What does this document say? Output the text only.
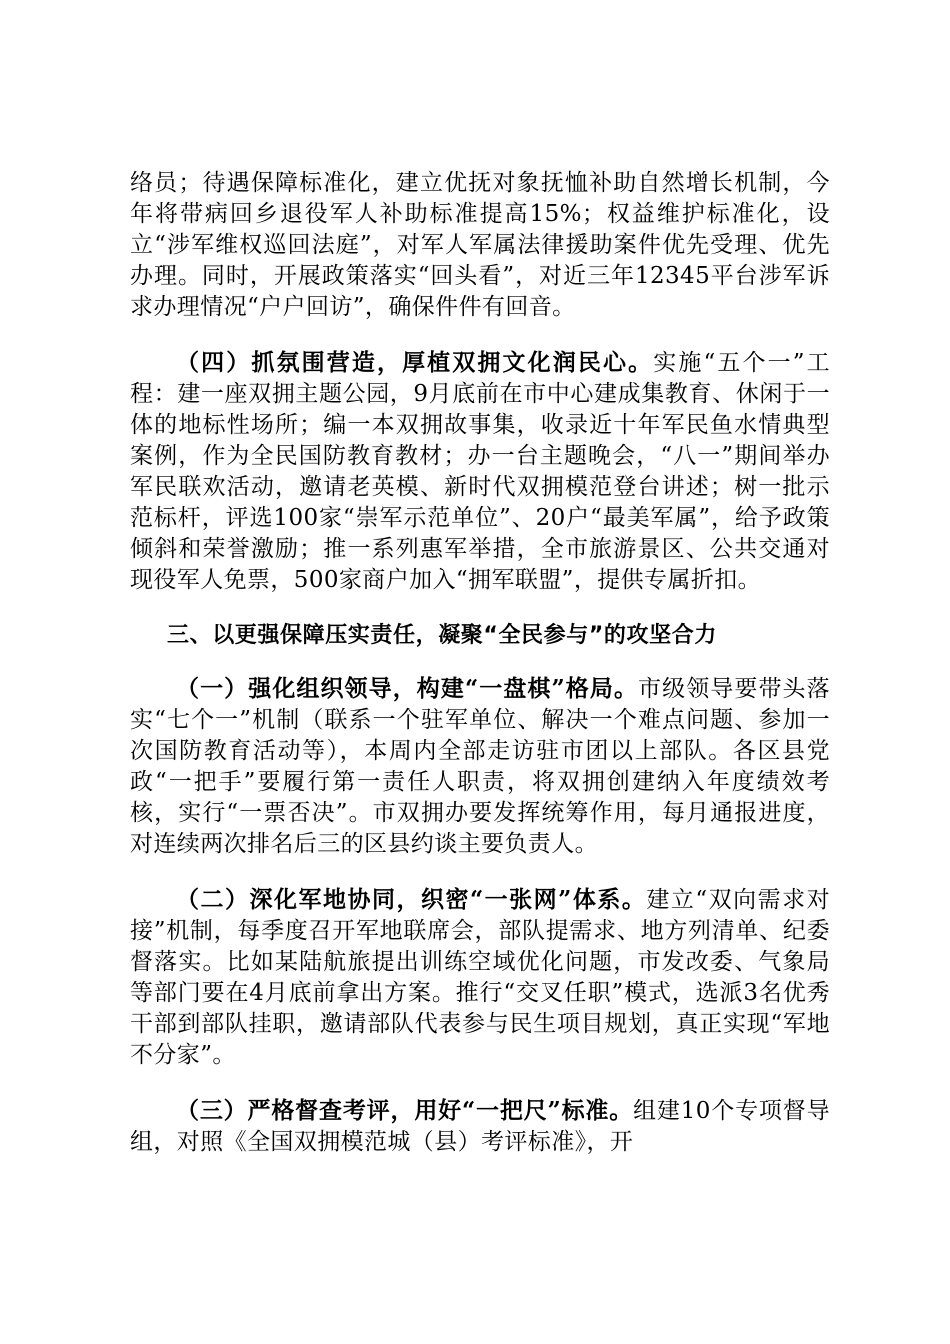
络员；待遇保障标准化，建立优抚对象抚恤补助自然增长机制，今年将带病回乡退役军人补助标准提高15%；权益维护标准化，设立“涉军维权巡回法庭”，对军人军属法律援助案件优先受理、优先办理。同时，开展政策落实“回头看”，对近三年12345平台涉军诉求办理情况“户户回访”，确保件件有回音。

（四）抓氛围营造，厚植双拥文化润民心。实施“五个一”工程：建一座双拥主题公园，9月底前在市中心建成集教育、休闲于一体的地标性场所；编一本双拥故事集，收录近十年军民鱼水情典型案例，作为全民国防教育教材；办一台主题晚会，“八一”期间举办军民联欢活动，邀请老英模、新时代双拥模范登台讲述；树一批示范标杆，评选100家“崇军示范单位”、20户“最美军属”，给予政策倾斜和荣誉激励；推一系列惠军举措，全市旅游景区、公共交通对现役军人免票，500家商户加入“拥军联盟”，提供专属折扣。

三、以更强保障压实责任，凝聚“全民参与”的攻坚合力

（一）强化组织领导，构建“一盘棋”格局。市级领导要带头落实“七个一”机制（联系一个驻军单位、解决一个难点问题、参加一次国防教育活动等），本周内全部走访驻市团以上部队。各区县党政“一把手”要履行第一责任人职责，将双拥创建纳入年度绩效考核，实行“一票否决”。市双拥办要发挥统筹作用，每月通报进度，对连续两次排名后三的区县约谈主要负责人。

（二）深化军地协同，织密“一张网”体系。建立“双向需求对接”机制，每季度召开军地联席会，部队提需求、地方列清单、纪委督落实。比如某陆航旅提出训练空域优化问题，市发改委、气象局等部门要在4月底前拿出方案。推行“交叉任职”模式，选派3名优秀干部到部队挂职，邀请部队代表参与民生项目规划，真正实现“军地不分家”。

（三）严格督查考评，用好“一把尺”标准。组建10个专项督导组，对照《全国双拥模范城（县）考评标准》，开
